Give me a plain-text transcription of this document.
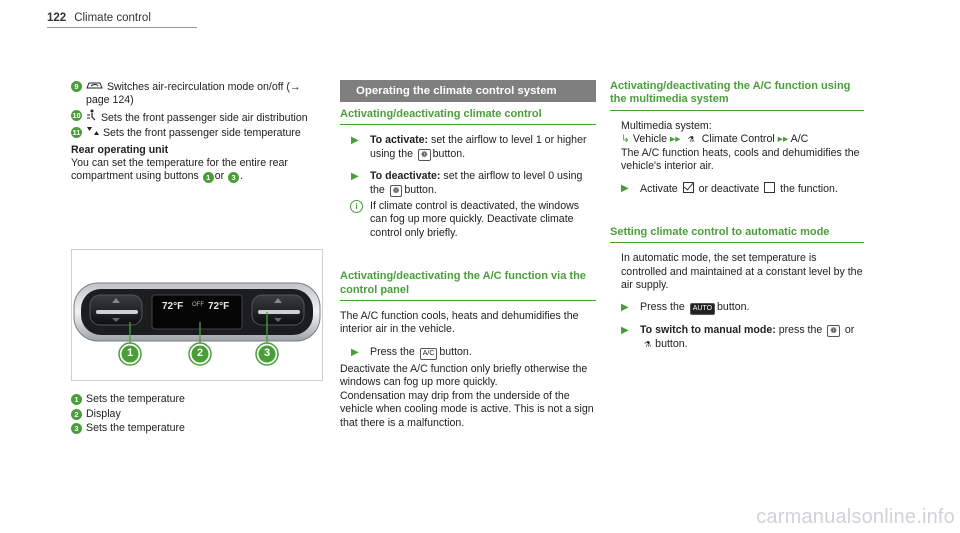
122 Climate control
9	Switches air-recirculation mode on/off (→ page 124)
10 Sets the front passenger side air distribution
11 Sets the front passenger side temperature
Rear operating unit
You can set the temperature for the entire rear compartment using buttons 1 or 3 .
72°F OFF 72°F
1	2	3
1 Sets the temperature
2 Display
3 Sets the temperature
Operating the climate control system
Activating/deactivating climate control
▶ To activate: set the airflow to level 1 or higher using the ❁ button.
▶ To deactivate: set the airflow to level 0 using the ❁ button.
i	If climate control is deactivated, the windows can fog up more quickly. Deactivate climate control only briefly.
Activating/deactivating the A/C function via the control panel
The A/C function cools, heats and dehumidifies the interior air in the vehicle.
▶ Press the A/C button.
Deactivate the A/C function only briefly otherwise the windows can fog up more quickly.
Condensation may drip from the underside of the vehicle when cooling mode is active. This is not a sign that there is a malfunction.
Activating/deactivating the A/C function using the multimedia system
Multimedia system:
↳ Vehicle ▸▸ ⚗ Climate Control ▸▸ A/C
The A/C function heats, cools and dehumidifies the vehicle's interior air.
▶ Activate or deactivate the function.
Setting climate control to automatic mode
In automatic mode, the set temperature is controlled and maintained at a constant level by the air supply.
▶ Press the AUTO button.
▶ To switch to manual mode: press the ❁ or ⚗ button.
carmanualsonline.info
